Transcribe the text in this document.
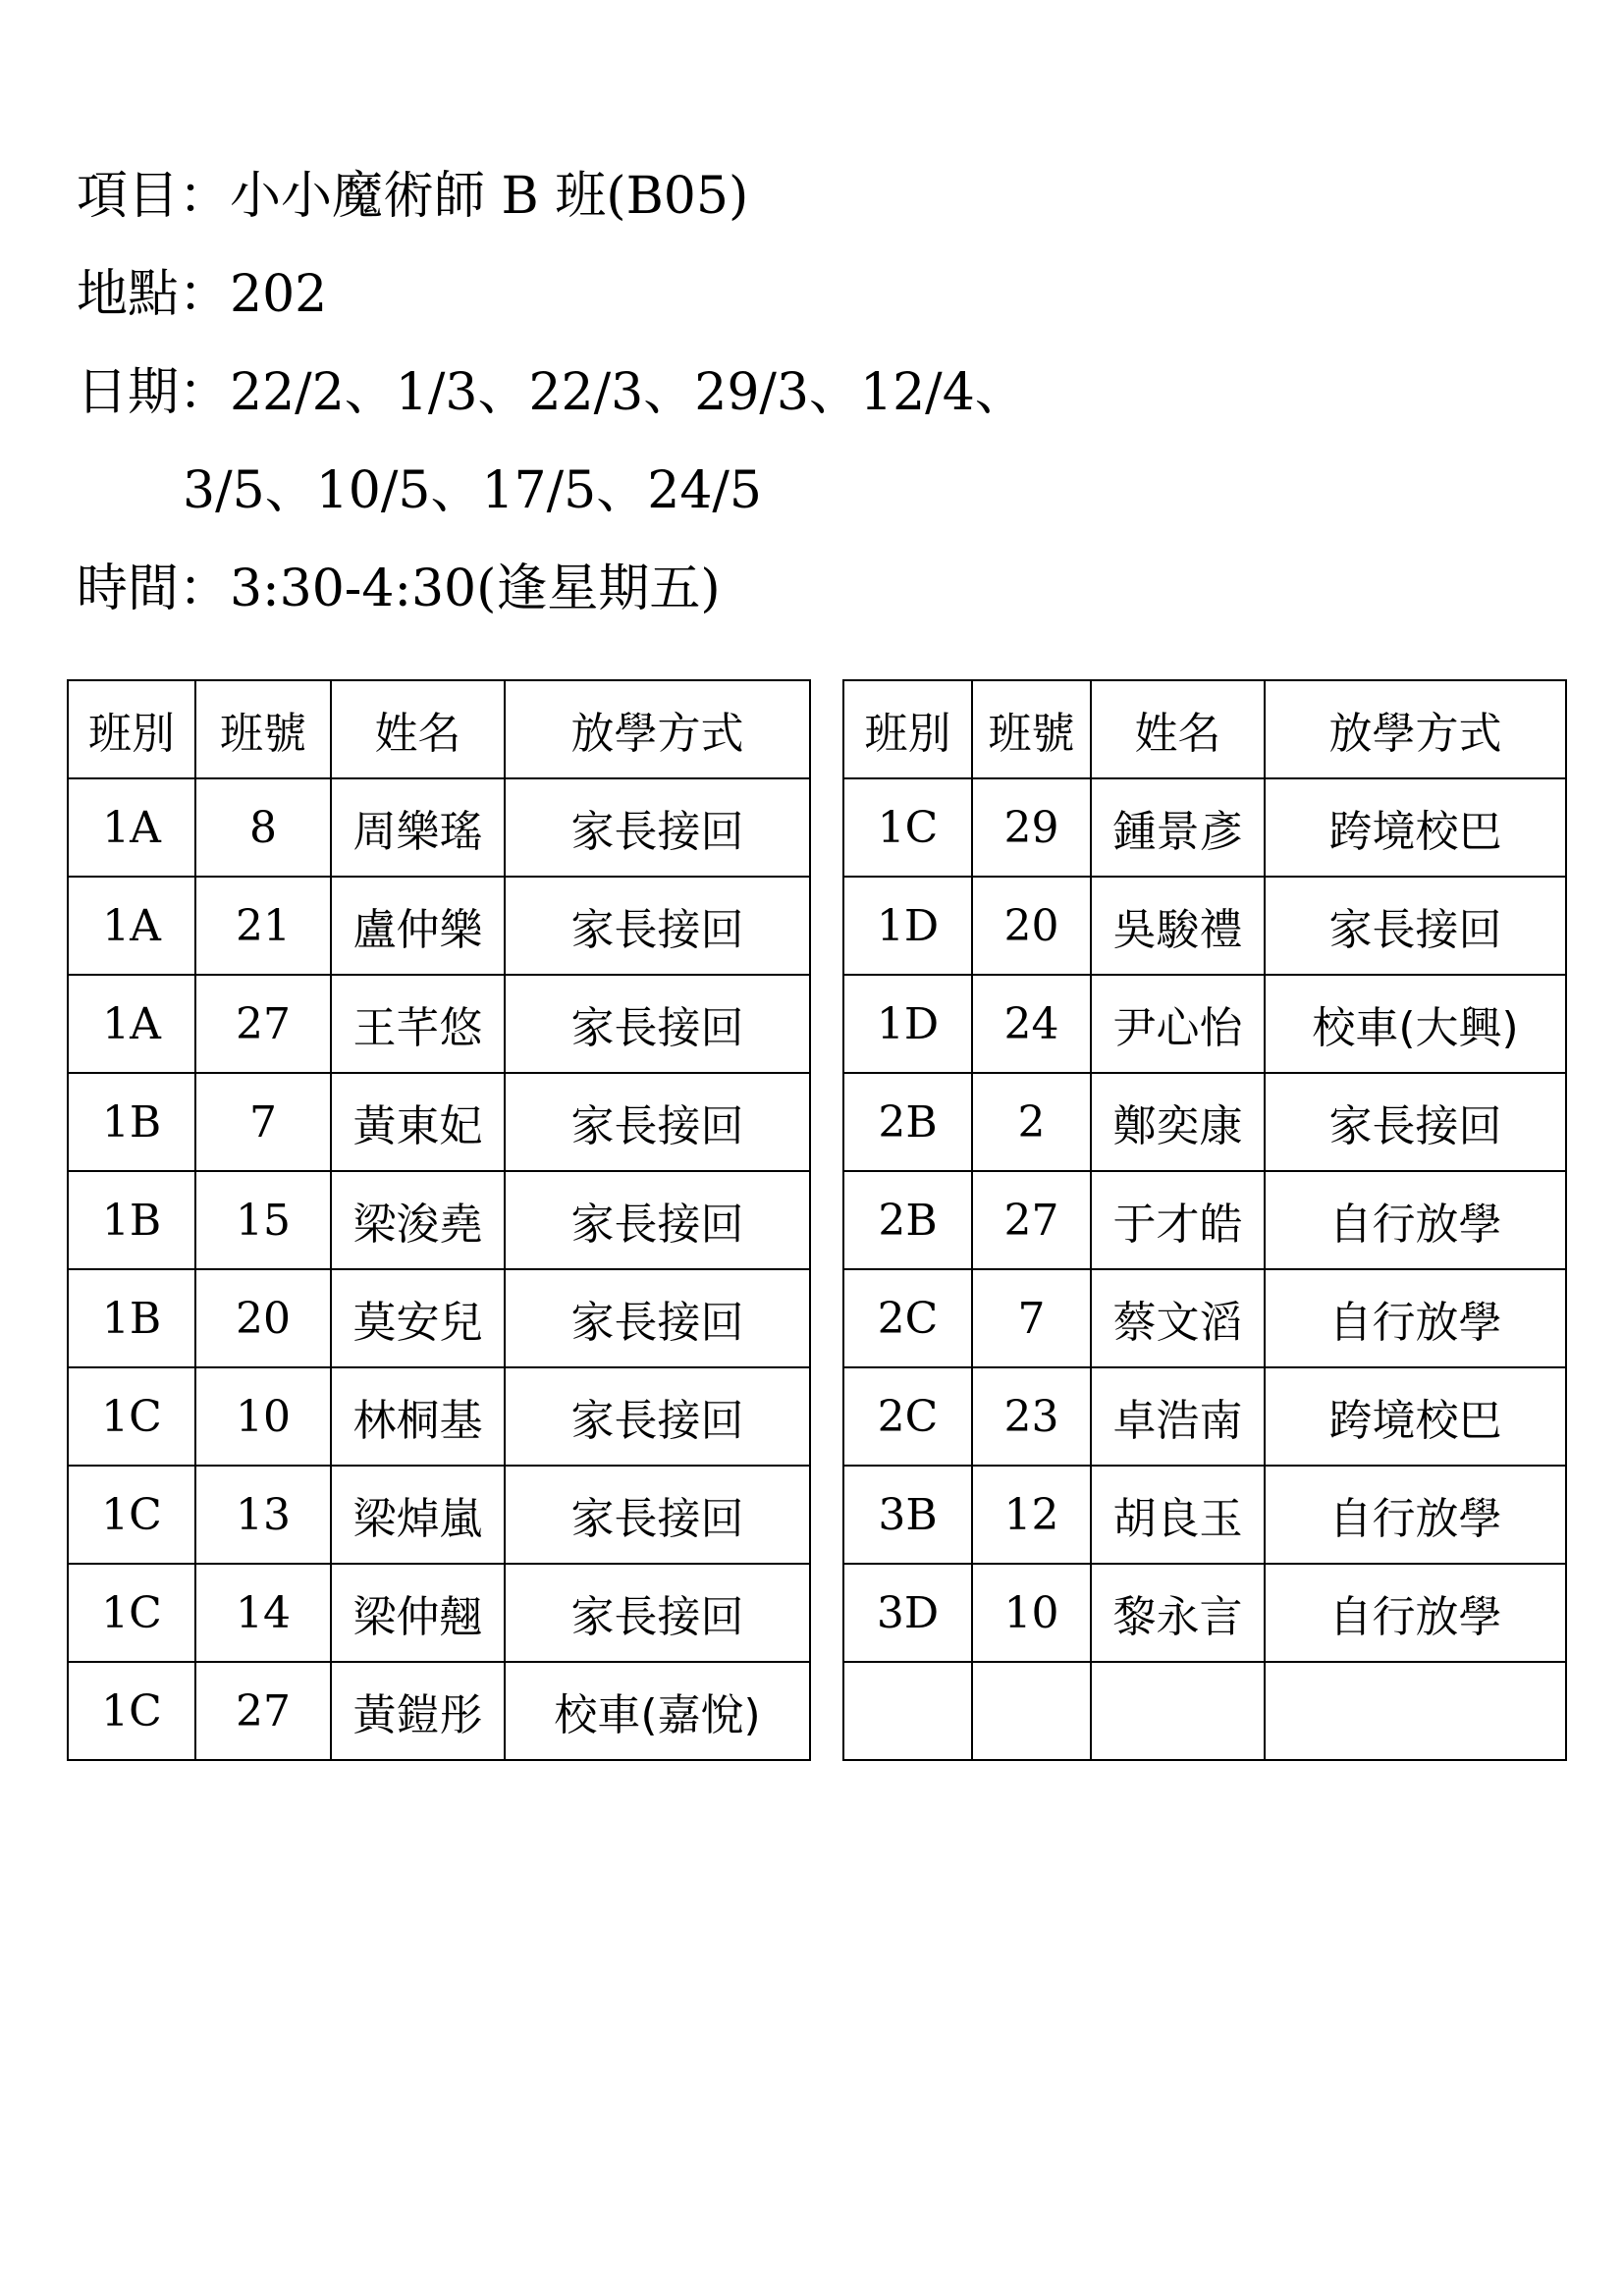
項目：小小魔術師 B 班(B05)
地點：202
日期：22/2、1/3、22/3、29/3、12/4、
3/5、10/5、17/5、24/5
時間：3:30-4:30(逢星期五)
班別	班號	姓名	放學方式
1A	8	周樂瑤	家長接回
1A	21	盧仲樂	家長接回
1A	27	王芊悠	家長接回
1B	7	黃東妃	家長接回
1B	15	梁浚堯	家長接回
1B	20	莫安兒	家長接回
1C	10	林桐基	家長接回
1C	13	梁焯嵐	家長接回
1C	14	梁仲翹	家長接回
1C	27	黃鎧彤	校車(嘉悅)
班別	班號	姓名	放學方式
1C	29	鍾景彥	跨境校巴
1D	20	吳駿禮	家長接回
1D	24	尹心怡	校車(大興)
2B	2	鄭奕康	家長接回
2B	27	于才皓	自行放學
2C	7	蔡文滔	自行放學
2C	23	卓浩南	跨境校巴
3B	12	胡良玉	自行放學
3D	10	黎永言	自行放學
